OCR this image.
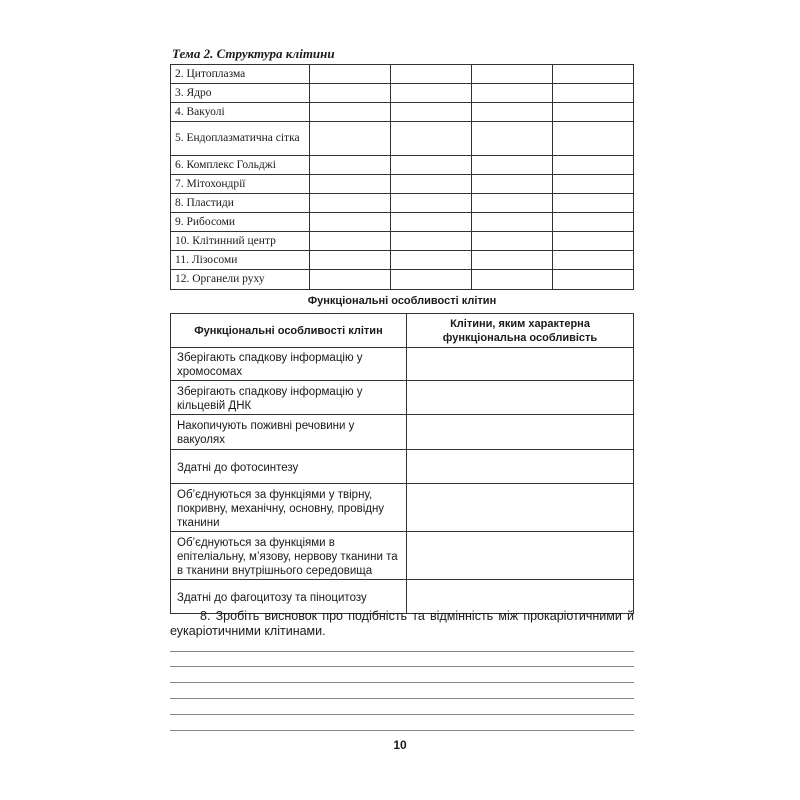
Тема 2. Структура клітини
2. Цитоплазма				
3. Ядро				
4. Вакуолі				
5. Ендоплазматична сітка				
6. Комплекс Гольджі				
7. Мітохондрії				
8. Пластиди				
9. Рибосоми				
10. Клітинний центр				
11. Лізосоми				
12. Органели руху				
Функціональні особливості клітин
Функціональні особливості клітин	Клітини, яким характерна функціональна особливість
Зберігають спадкову інформацію у хромосомах	
Зберігають спадкову інформацію у кільцевій ДНК	
Накопичують поживні речовини у вакуолях	
Здатні до фотосинтезу	
Об’єднуються за функціями у твірну, покривну, механічну, основну, провідну тканини	
Об’єднуються за функціями в епітеліальну, м’язову, нервову тканини та в тканини внутрішнього середовища	
Здатні до фагоцитозу та піноцитозу	
8. Зробіть висновок про подібність та відмінність між прокаріотичними й еукаріотичними клітинами.
10
